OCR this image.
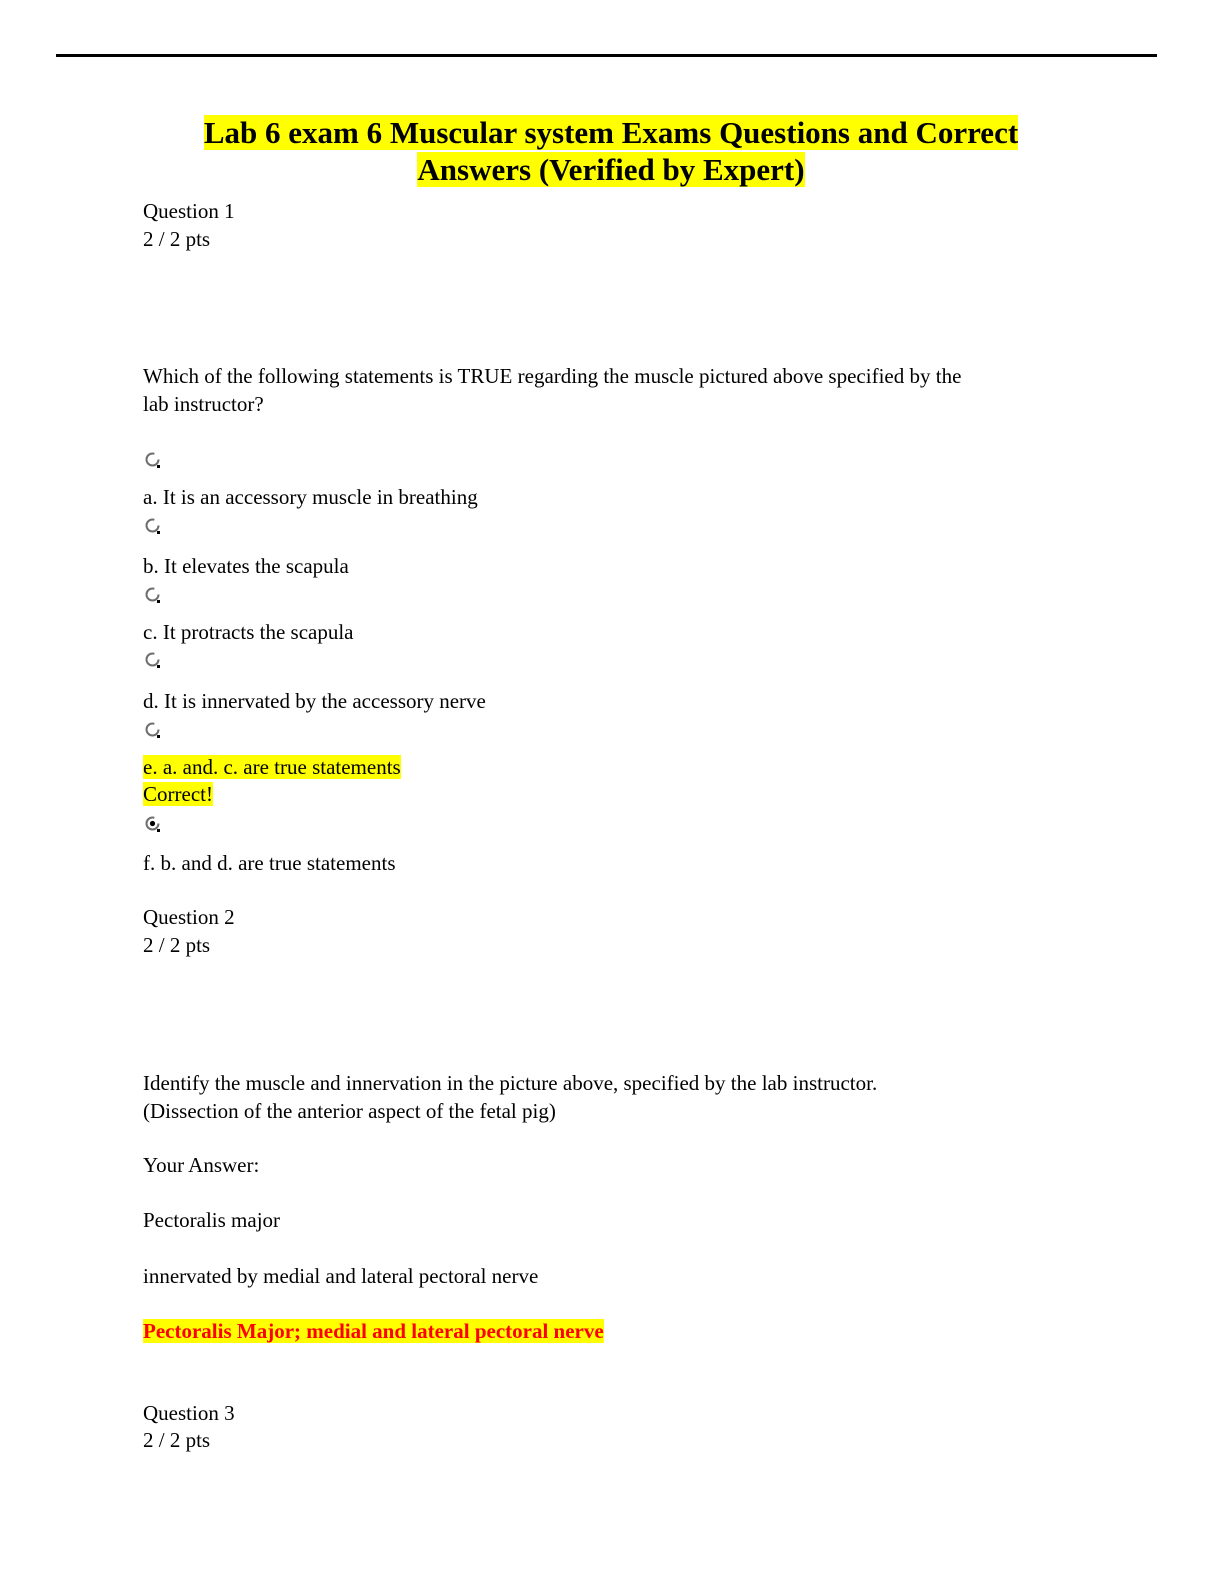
Lab 6 exam 6 Muscular system Exams Questions and Correct
Answers (Verified by Expert)
Question 1
2 / 2 pts
Which of the following statements is TRUE regarding the muscle pictured above specified by the
lab instructor?
a. It is an accessory muscle in breathing
b. It elevates the scapula
c. It protracts the scapula
d. It is innervated by the accessory nerve
e. a. and. c. are true statements
Correct!
f. b. and d. are true statements
Question 2
2 / 2 pts
Identify the muscle and innervation in the picture above, specified by the lab instructor.
(Dissection of the anterior aspect of the fetal pig)
Your Answer:
Pectoralis major
innervated by medial and lateral pectoral nerve
Pectoralis Major; medial and lateral pectoral nerve
Question 3
2 / 2 pts
